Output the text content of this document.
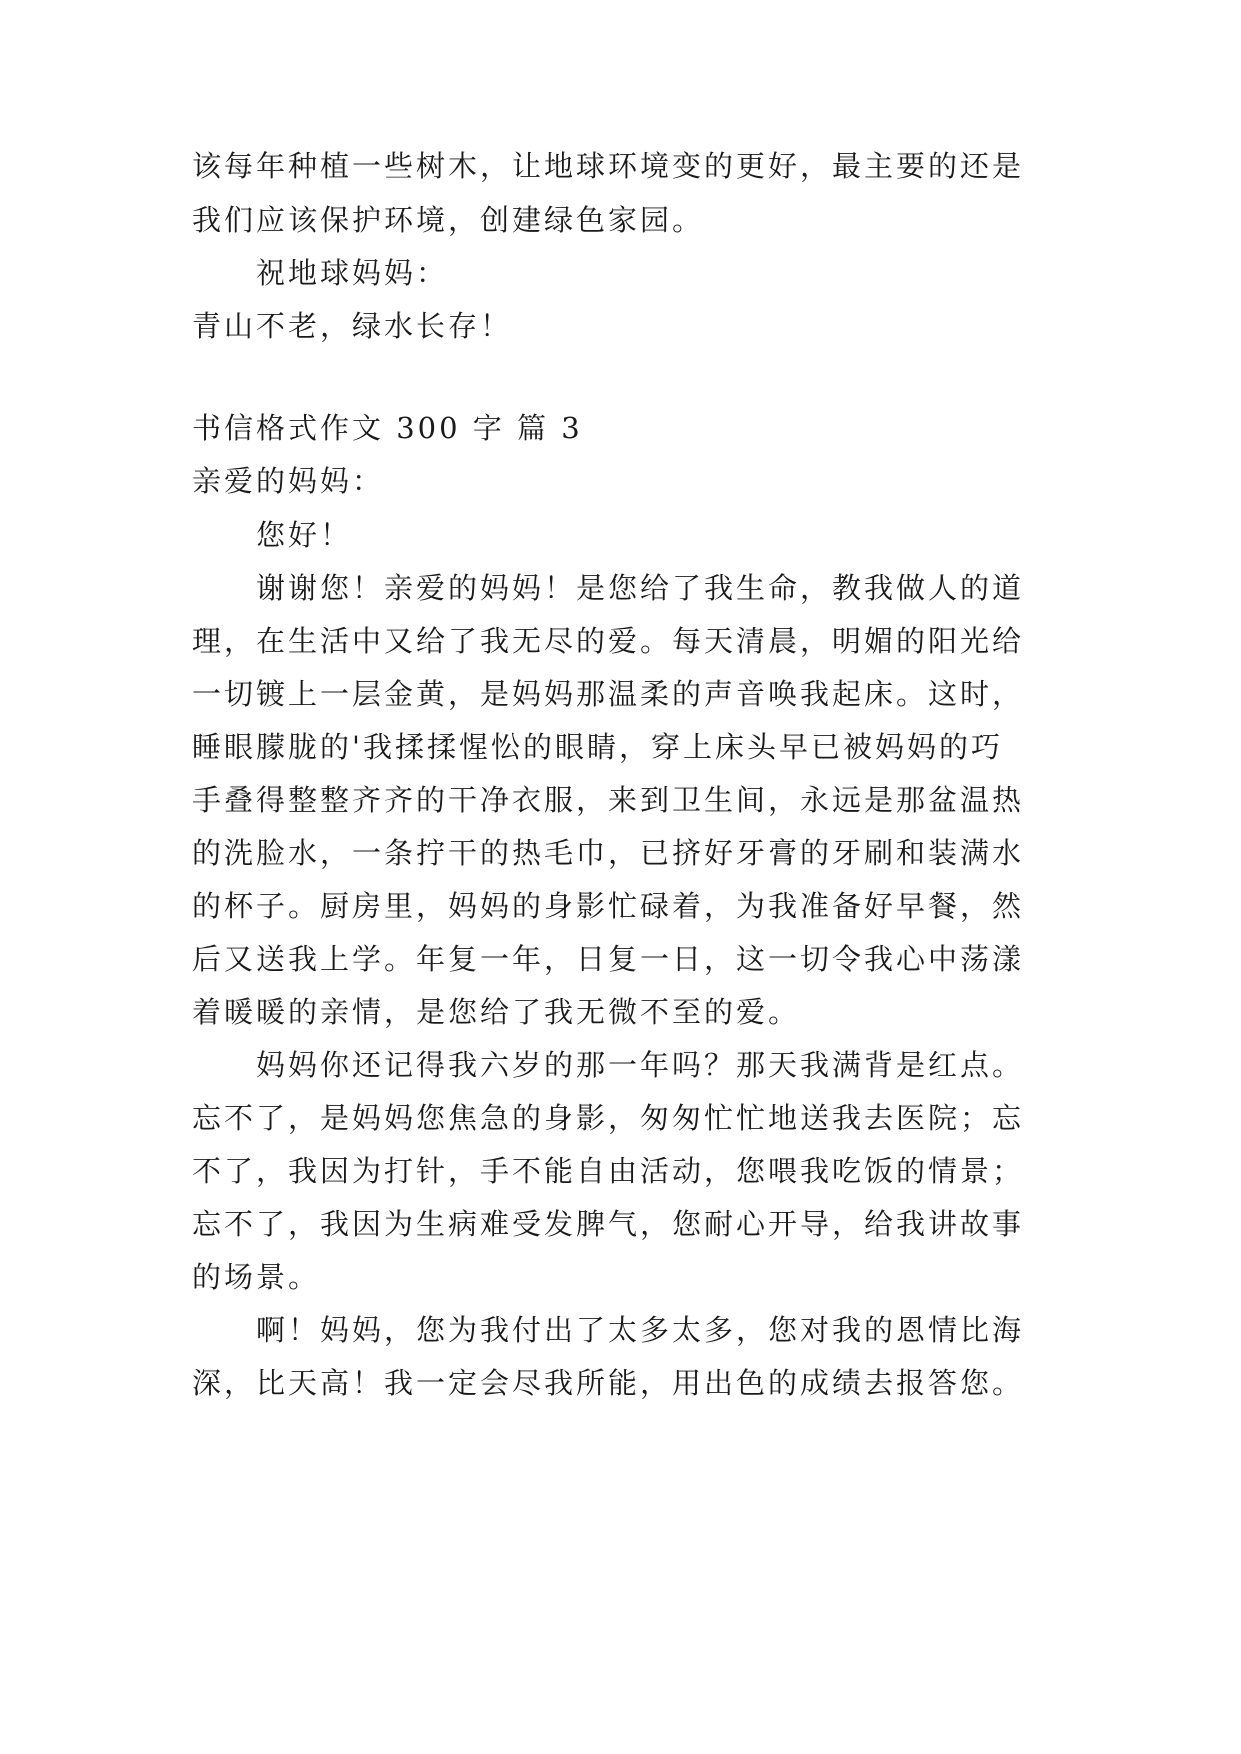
该每年种植一些树木，让地球环境变的更好，最主要的还是
我们应该保护环境，创建绿色家园。
祝地球妈妈：
青山不老，绿水长存！
书信格式作文 300 字 篇 3
亲爱的妈妈：
您好！
谢谢您！亲爱的妈妈！是您给了我生命，教我做人的道
理，在生活中又给了我无尽的爱。每天清晨，明媚的阳光给
一切镀上一层金黄，是妈妈那温柔的声音唤我起床。这时，
睡眼朦胧的'我揉揉惺忪的眼睛，穿上床头早已被妈妈的巧
手叠得整整齐齐的干净衣服，来到卫生间，永远是那盆温热
的洗脸水，一条拧干的热毛巾，已挤好牙膏的牙刷和装满水
的杯子。厨房里，妈妈的身影忙碌着，为我准备好早餐，然
后又送我上学。年复一年，日复一日，这一切令我心中荡漾
着暖暖的亲情，是您给了我无微不至的爱。
妈妈你还记得我六岁的那一年吗？那天我满背是红点。
忘不了，是妈妈您焦急的身影，匆匆忙忙地送我去医院；忘
不了，我因为打针，手不能自由活动，您喂我吃饭的情景；
忘不了，我因为生病难受发脾气，您耐心开导，给我讲故事
的场景。
啊！妈妈，您为我付出了太多太多，您对我的恩情比海
深，比天高！我一定会尽我所能，用出色的成绩去报答您。
